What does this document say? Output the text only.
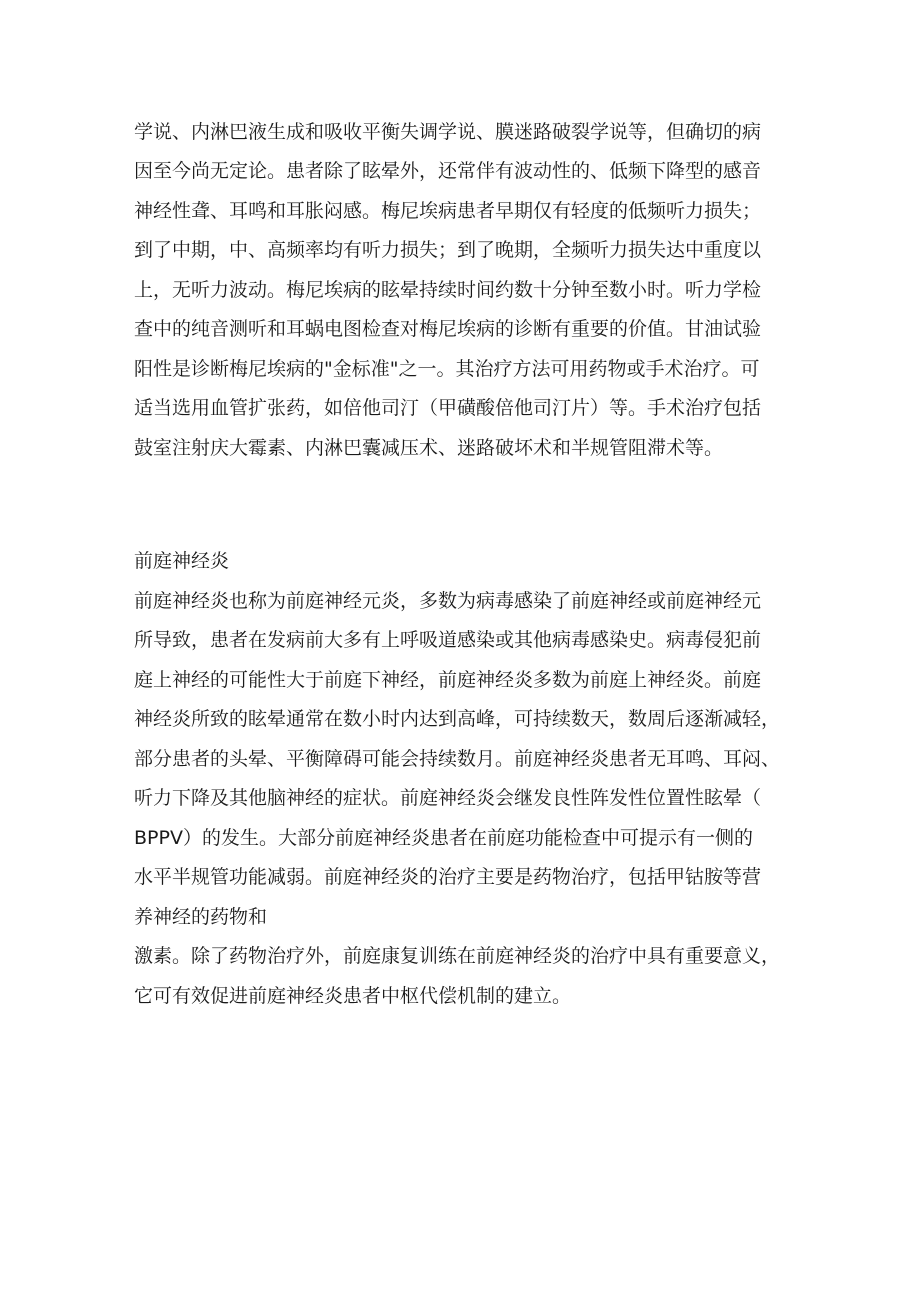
学说、内淋巴液生成和吸收平衡失调学说、膜迷路破裂学说等，但确切的病
因至今尚无定论。患者除了眩晕外，还常伴有波动性的、低频下降型的感音
神经性聋、耳鸣和耳胀闷感。梅尼埃病患者早期仅有轻度的低频听力损失；
到了中期，中、高频率均有听力损失；到了晚期，全频听力损失达中重度以
上，无听力波动。梅尼埃病的眩晕持续时间约数十分钟至数小时。听力学检
查中的纯音测听和耳蜗电图检查对梅尼埃病的诊断有重要的价值。甘油试验
阳性是诊断梅尼埃病的"金标准"之一。其治疗方法可用药物或手术治疗。可
适当选用血管扩张药，如倍他司汀（甲磺酸倍他司汀片）等。手术治疗包括
鼓室注射庆大霉素、内淋巴囊减压术、迷路破坏术和半规管阻滞术等。
前庭神经炎
前庭神经炎也称为前庭神经元炎，多数为病毒感染了前庭神经或前庭神经元
所导致，患者在发病前大多有上呼吸道感染或其他病毒感染史。病毒侵犯前
庭上神经的可能性大于前庭下神经，前庭神经炎多数为前庭上神经炎。前庭
神经炎所致的眩晕通常在数小时内达到高峰，可持续数天，数周后逐渐减轻，
部分患者的头晕、平衡障碍可能会持续数月。前庭神经炎患者无耳鸣、耳闷、
听力下降及其他脑神经的症状。前庭神经炎会继发良性阵发性位置性眩晕（
BPPV）的发生。大部分前庭神经炎患者在前庭功能检查中可提示有一侧的
水平半规管功能减弱。前庭神经炎的治疗主要是药物治疗，包括甲钴胺等营
养神经的药物和
激素。除了药物治疗外，前庭康复训练在前庭神经炎的治疗中具有重要意义，
它可有效促进前庭神经炎患者中枢代偿机制的建立。
